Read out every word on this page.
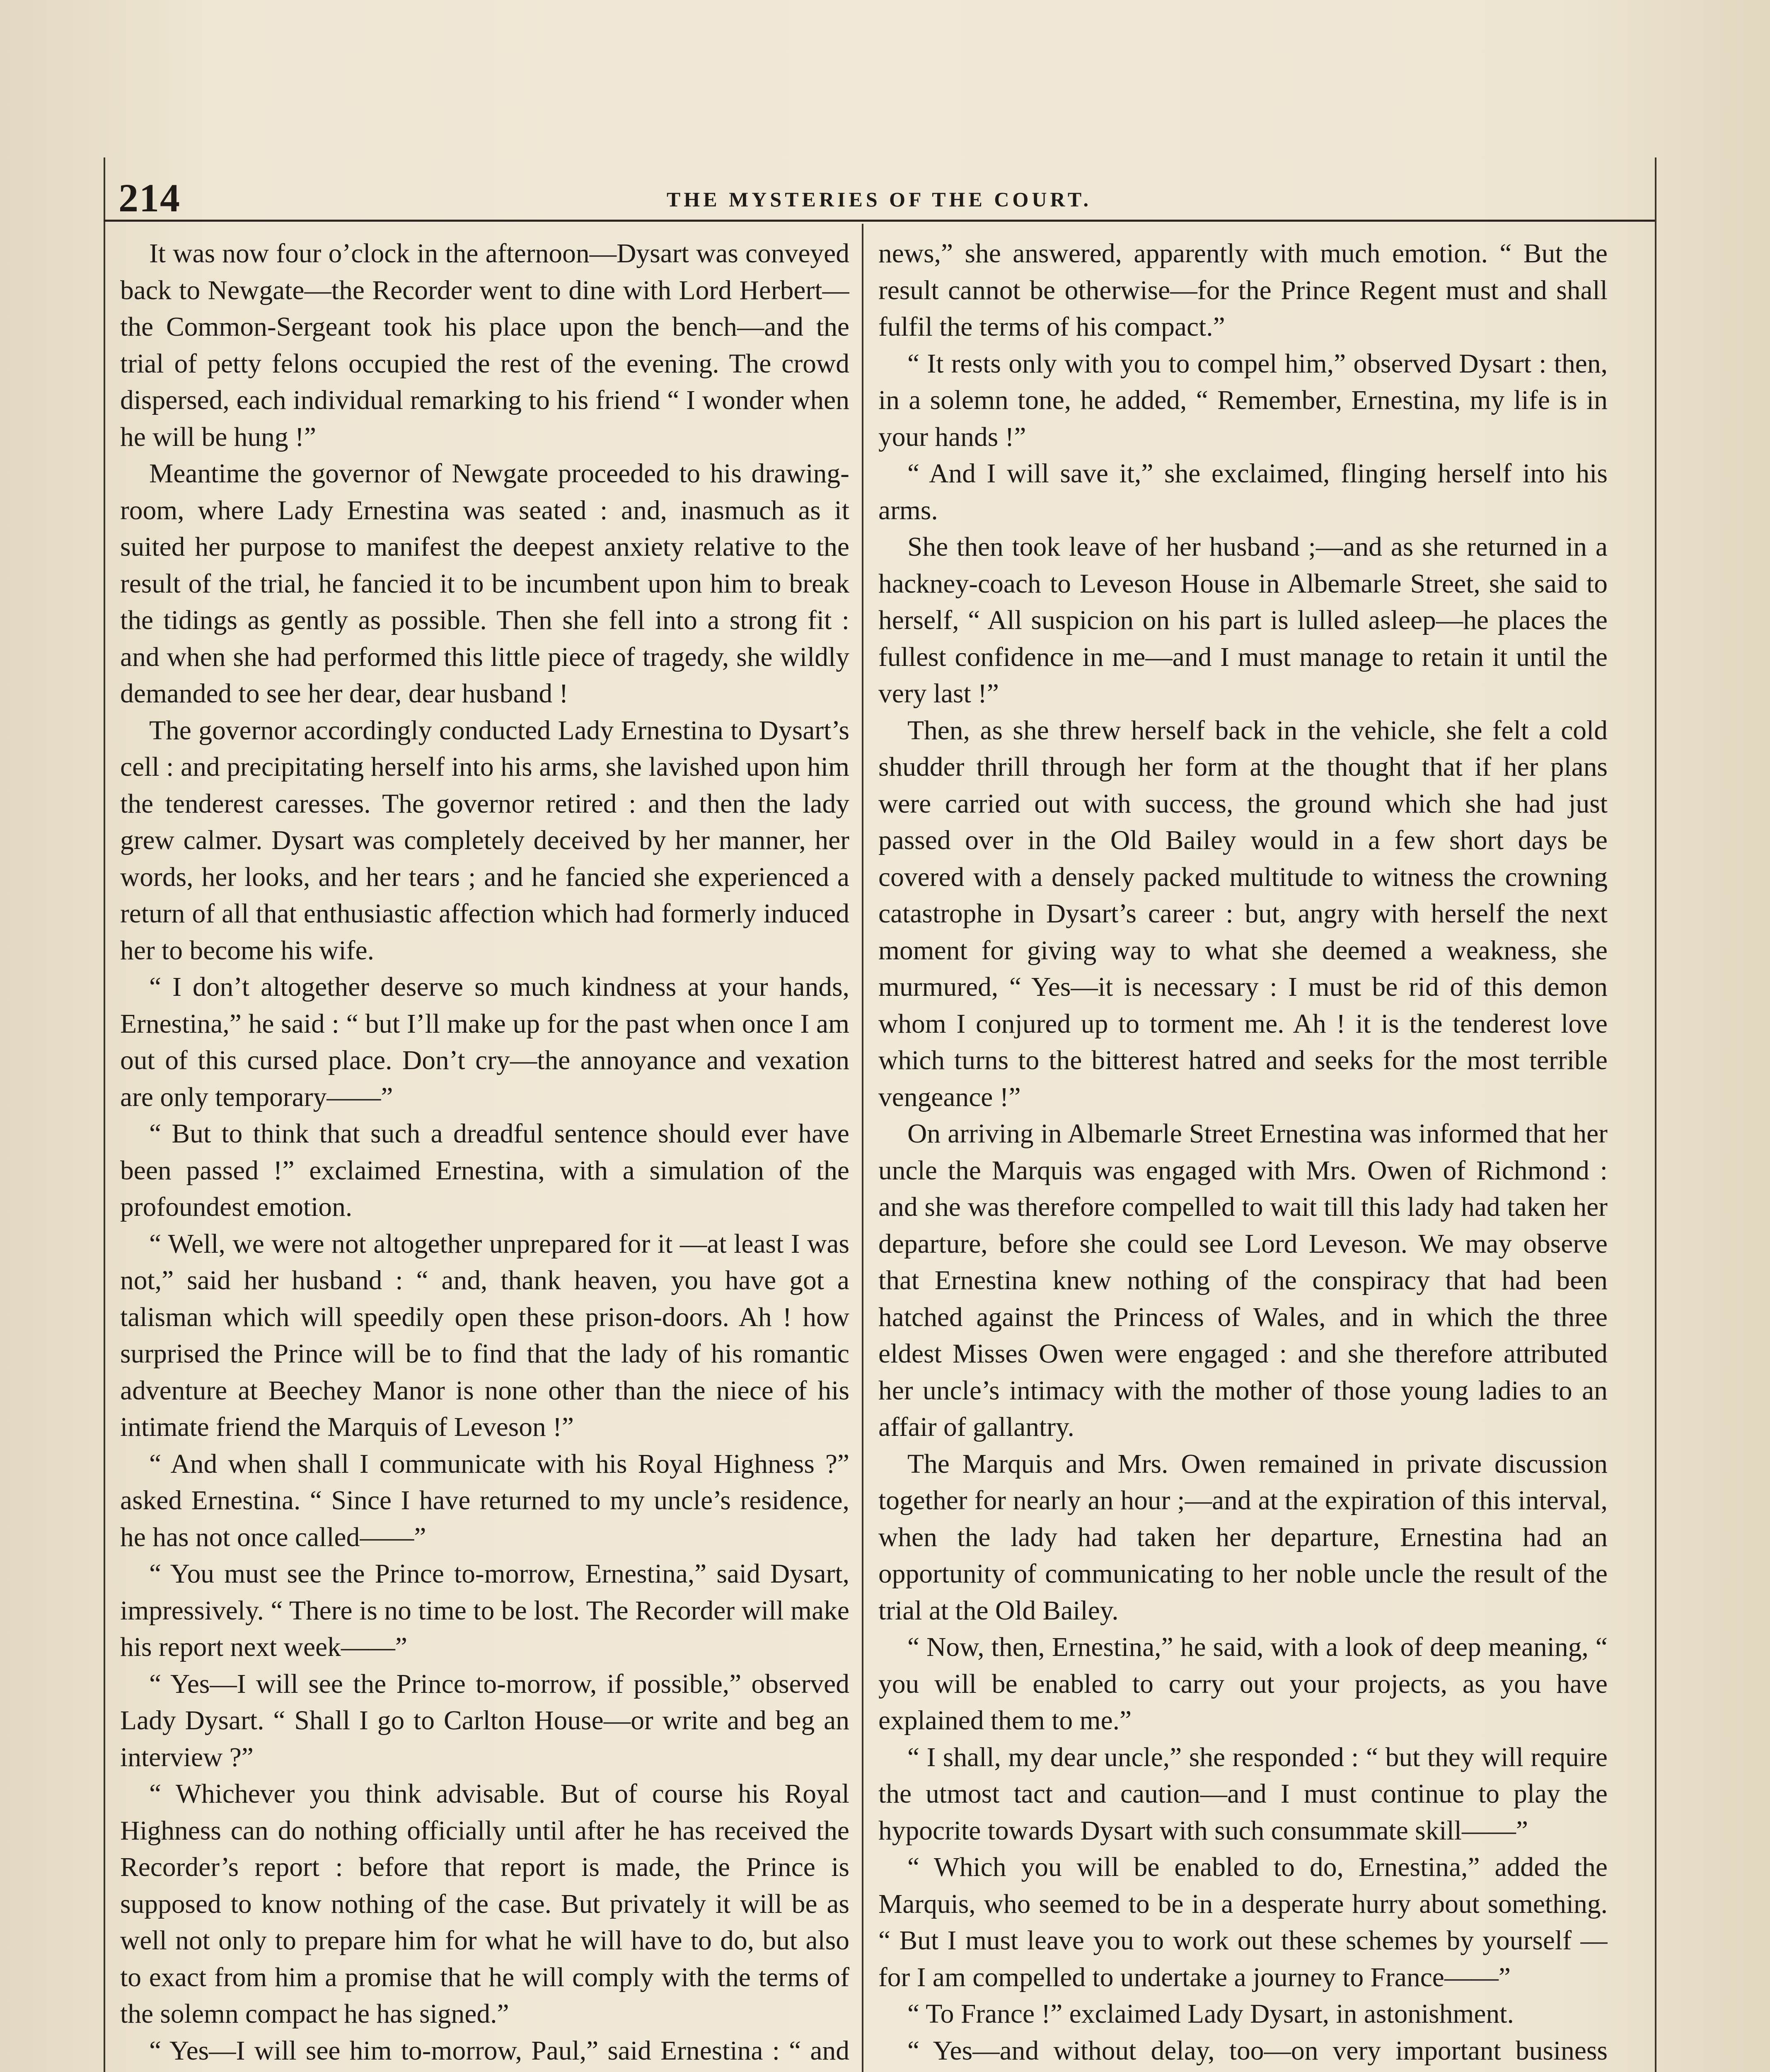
214	THE MYSTERIES OF THE COURT.

It was now four o’clock in the afternoon—Dysart was conveyed back to Newgate—the Recorder went to dine with Lord Herbert—the Common-Sergeant took his place upon the bench—and the trial of petty felons occupied the rest of the evening. The crowd dispersed, each individual remarking to his friend “ I wonder when he will be hung !”

Meantime the governor of Newgate proceeded to his drawing-room, where Lady Ernestina was seated : and, inasmuch as it suited her purpose to manifest the deepest anxiety relative to the result of the trial, he fancied it to be incumbent upon him to break the tidings as gently as possible. Then she fell into a strong fit : and when she had performed this little piece of tragedy, she wildly demanded to see her dear, dear husband !

The governor accordingly conducted Lady Ernestina to Dysart’s cell : and precipitating herself into his arms, she lavished upon him the tenderest caresses. The governor retired : and then the lady grew calmer. Dysart was completely deceived by her manner, her words, her looks, and her tears ; and he fancied she experienced a return of all that enthusiastic affection which had formerly induced her to become his wife.

“ I don’t altogether deserve so much kindness at your hands, Ernestina,” he said : “ but I’ll make up for the past when once I am out of this cursed place. Don’t cry—the annoyance and vexation are only temporary——”

“ But to think that such a dreadful sentence should ever have been passed !” exclaimed Ernestina, with a simulation of the profoundest emotion.

“ Well, we were not altogether unprepared for it —at least I was not,” said her husband : “ and, thank heaven, you have got a talisman which will speedily open these prison-doors. Ah ! how surprised the Prince will be to find that the lady of his romantic adventure at Beechey Manor is none other than the niece of his intimate friend the Marquis of Leveson !”

“ And when shall I communicate with his Royal Highness ?” asked Ernestina. “ Since I have returned to my uncle’s residence, he has not once called——”

“ You must see the Prince to-morrow, Ernestina,” said Dysart, impressively. “ There is no time to be lost. The Recorder will make his report next week——”

“ Yes—I will see the Prince to-morrow, if possible,” observed Lady Dysart. “ Shall I go to Carlton House—or write and beg an interview ?”

“ Whichever you think advisable. But of course his Royal Highness can do nothing officially until after he has received the Recorder’s report : before that report is made, the Prince is supposed to know nothing of the case. But privately it will be as well not only to prepare him for what he will have to do, but also to exact from him a promise that he will comply with the terms of the solemn compact he has signed.”

“ Yes—I will see him to-morrow, Paul,” said Ernestina : “ and

news,” she answered, apparently with much emotion. “ But the result cannot be otherwise—for the Prince Regent must and shall fulfil the terms of his compact.”

“ It rests only with you to compel him,” observed Dysart : then, in a solemn tone, he added, “ Remember, Ernestina, my life is in your hands !”

“ And I will save it,” she exclaimed, flinging herself into his arms.

She then took leave of her husband ;—and as she returned in a hackney-coach to Leveson House in Albemarle Street, she said to herself, “ All suspicion on his part is lulled asleep—he places the fullest confidence in me—and I must manage to retain it until the very last !”

Then, as she threw herself back in the vehicle, she felt a cold shudder thrill through her form at the thought that if her plans were carried out with success, the ground which she had just passed over in the Old Bailey would in a few short days be covered with a densely packed multitude to witness the crowning catastrophe in Dysart’s career : but, angry with herself the next moment for giving way to what she deemed a weakness, she murmured, “ Yes—it is necessary : I must be rid of this demon whom I conjured up to torment me. Ah ! it is the tenderest love which turns to the bitterest hatred and seeks for the most terrible vengeance !”

On arriving in Albemarle Street Ernestina was informed that her uncle the Marquis was engaged with Mrs. Owen of Richmond : and she was therefore compelled to wait till this lady had taken her departure, before she could see Lord Leveson. We may observe that Ernestina knew nothing of the conspiracy that had been hatched against the Princess of Wales, and in which the three eldest Misses Owen were engaged : and she therefore attributed her uncle’s intimacy with the mother of those young ladies to an affair of gallantry.

The Marquis and Mrs. Owen remained in private discussion together for nearly an hour ;—and at the expiration of this interval, when the lady had taken her departure, Ernestina had an opportunity of communicating to her noble uncle the result of the trial at the Old Bailey.

“ Now, then, Ernestina,” he said, with a look of deep meaning, “ you will be enabled to carry out your projects, as you have explained them to me.”

“ I shall, my dear uncle,” she responded : “ but they will require the utmost tact and caution—and I must continue to play the hypocrite towards Dysart with such consummate skill——”

“ Which you will be enabled to do, Ernestina,” added the Marquis, who seemed to be in a desperate hurry about something. “ But I must leave you to work out these schemes by yourself —for I am compelled to undertake a journey to France——”

“ To France !” exclaimed Lady Dysart, in astonishment.

“ Yes—and without delay, too—on very important business
